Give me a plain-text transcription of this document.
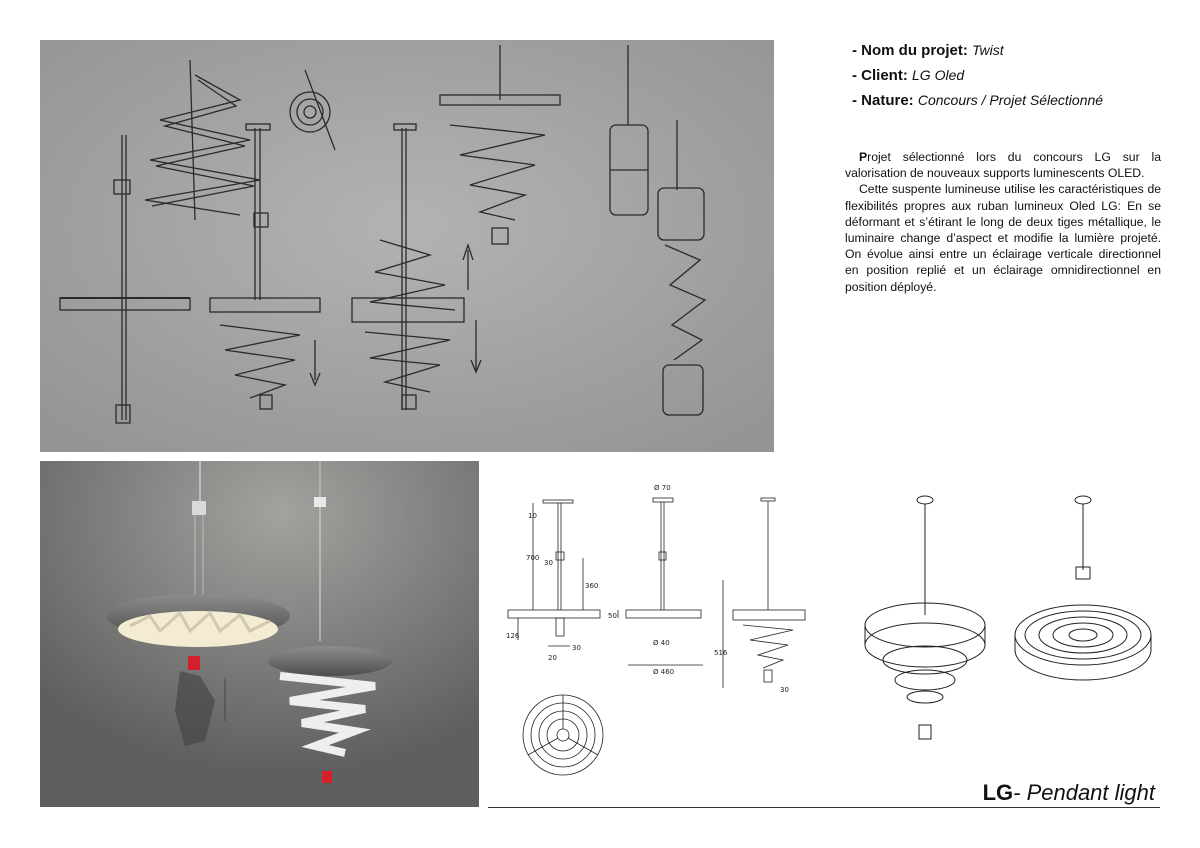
10
700
30
360
126
20
30
Ø 70
50
Ø 40
Ø 460
516
30
- Nom du projet: Twist
- Client: LG Oled
- Nature: Concours / Projet Sélectionné

Projet sélectionné lors du concours LG sur la valorisation de nouveaux supports luminescents OLED.

Cette suspente lumineuse utilise les caractéristiques de flexibilités propres aux ruban lumineux Oled LG: En se déformant et s’étirant le long de deux tiges métallique, le luminaire change d’aspect et modifie la lumière projeté. On évolue ainsi entre un éclairage verticale directionnel en position replié et un éclairage omnidirectionnel en position déployé.

LG- Pendant light
